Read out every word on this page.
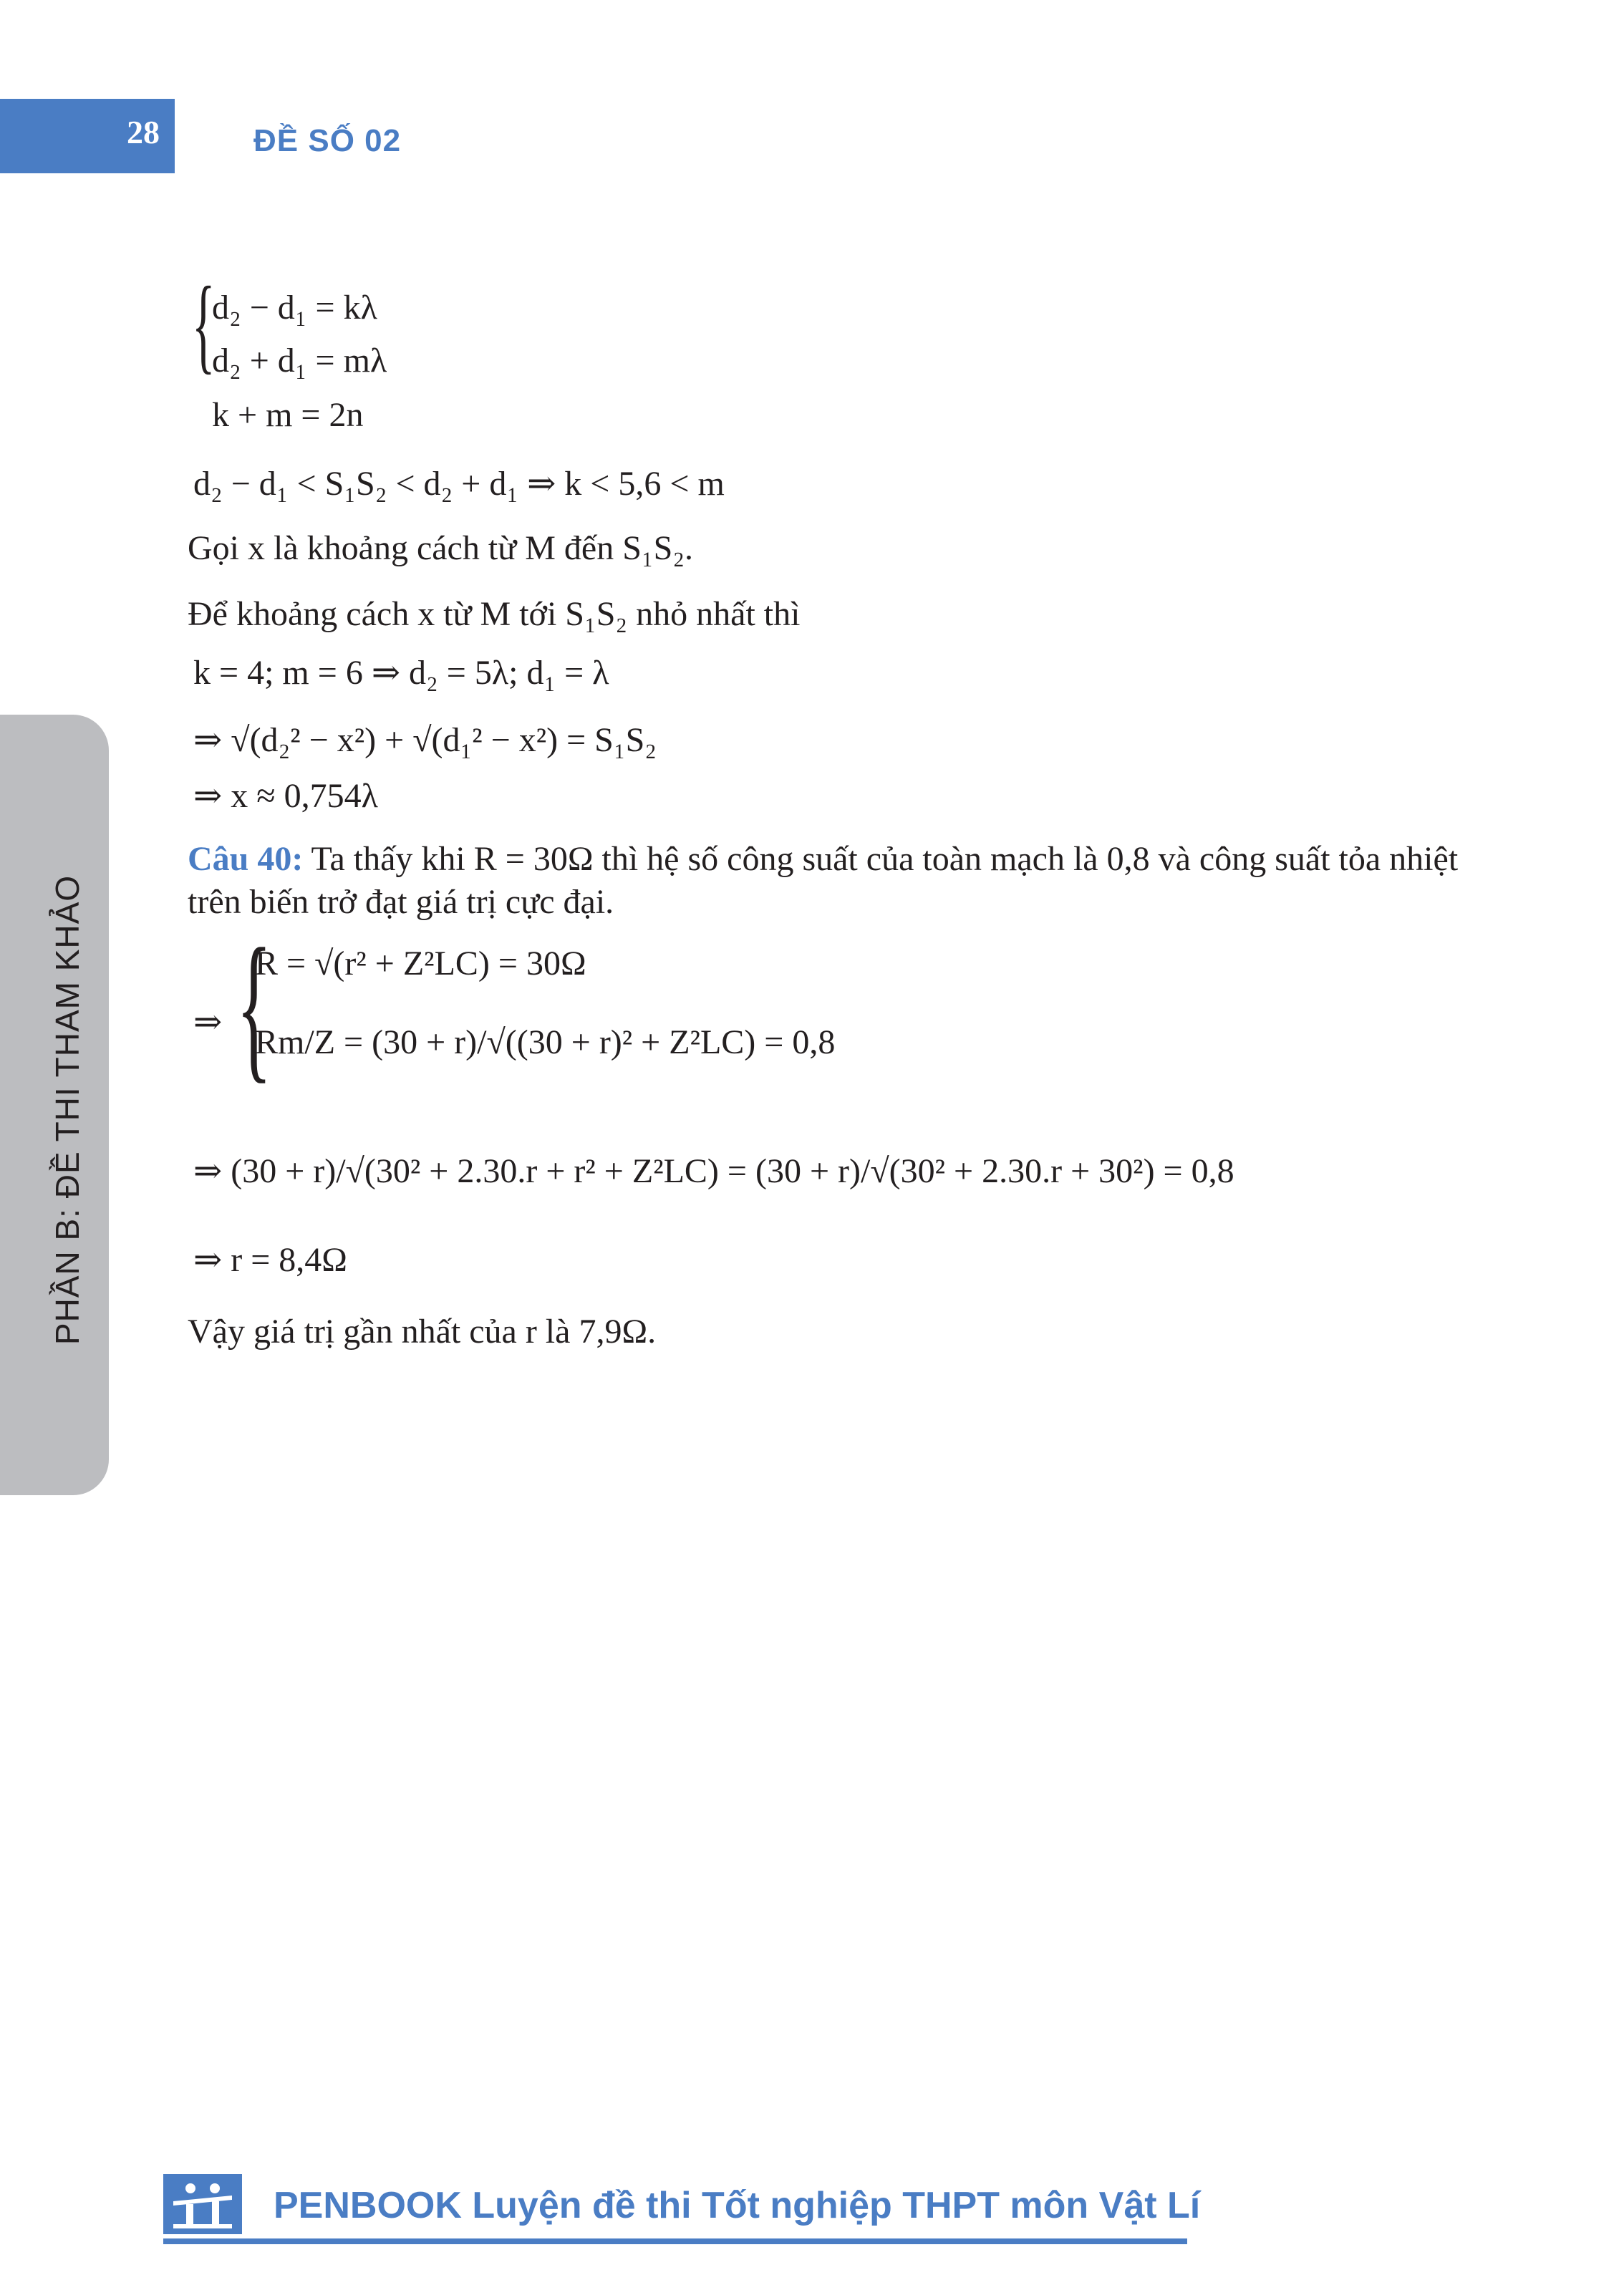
28	ĐỀ SỐ 02
PHẦN B: ĐỀ THI THAM KHẢO
{
d₂ − d₁ = kλ
d₂ + d₁ = mλ
k + m = 2n
d₂ − d₁ < S₁S₂ < d₂ + d₁ ⇒ k < 5,6 < m
Gọi x là khoảng cách từ M đến S₁S₂.
Để khoảng cách x từ M tới S₁S₂ nhỏ nhất thì
k = 4; m = 6 ⇒ d₂ = 5λ; d₁ = λ
⇒ √(d₂² − x²) + √(d₁² − x²) = S₁S₂
⇒ x ≈ 0,754λ
Câu 40: Ta thấy khi R = 30Ω thì hệ số công suất của toàn mạch là 0,8 và công suất tỏa nhiệt
trên biến trở đạt giá trị cực đại.
⇒ {
R = √(r² + Z²LC) = 30Ω
Rm/Z = (30 + r)/√((30 + r)² + Z²LC) = 0,8
⇒ (30 + r)/√(30² + 2.30.r + r² + Z²LC) = (30 + r)/√(30² + 2.30.r + 30²) = 0,8
⇒ r = 8,4Ω
Vậy giá trị gần nhất của r là 7,9Ω.
PENBOOK Luyện đề thi Tốt nghiệp THPT môn Vật Lí
